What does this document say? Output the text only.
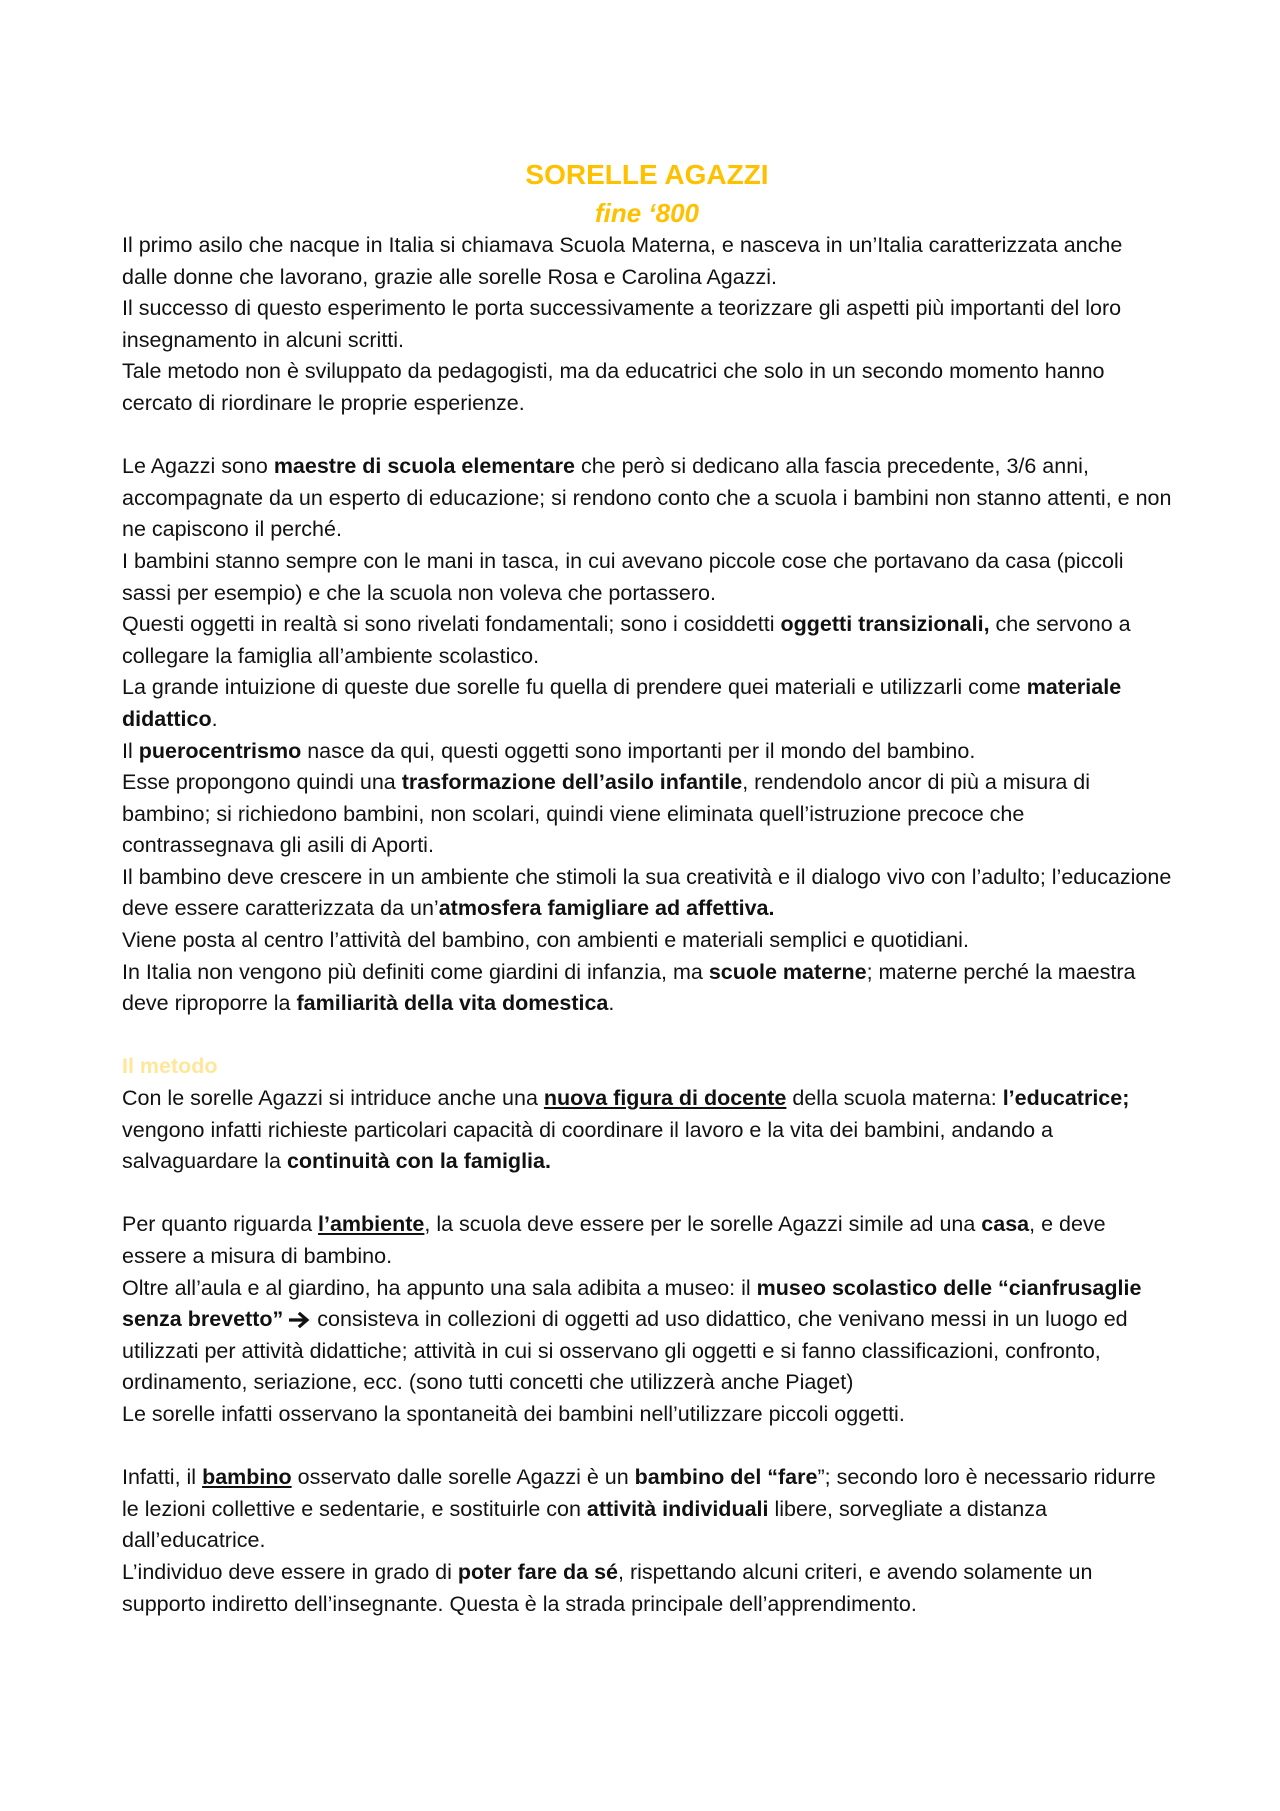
SORELLE AGAZZI
fine ‘800

Il primo asilo che nacque in Italia si chiamava Scuola Materna, e nasceva in un’Italia caratterizzata anche dalle donne che lavorano, grazie alle sorelle Rosa e Carolina Agazzi.

Il successo di questo esperimento le porta successivamente a teorizzare gli aspetti più importanti del loro insegnamento in alcuni scritti.

Tale metodo non è sviluppato da pedagogisti, ma da educatrici che solo in un secondo momento hanno cercato di riordinare le proprie esperienze.

Le Agazzi sono maestre di scuola elementare che però si dedicano alla fascia precedente, 3/6 anni, accompagnate da un esperto di educazione; si rendono conto che a scuola i bambini non stanno attenti, e non ne capiscono il perché.

I bambini stanno sempre con le mani in tasca, in cui avevano piccole cose che portavano da casa (piccoli sassi per esempio) e che la scuola non voleva che portassero.

Questi oggetti in realtà si sono rivelati fondamentali; sono i cosiddetti oggetti transizionali, che servono a collegare la famiglia all’ambiente scolastico.

La grande intuizione di queste due sorelle fu quella di prendere quei materiali e utilizzarli come materiale didattico.

Il puerocentrismo nasce da qui, questi oggetti sono importanti per il mondo del bambino.

Esse propongono quindi una trasformazione dell’asilo infantile, rendendolo ancor di più a misura di bambino; si richiedono bambini, non scolari, quindi viene eliminata quell’istruzione precoce che contrassegnava gli asili di Aporti.

Il bambino deve crescere in un ambiente che stimoli la sua creatività e il dialogo vivo con l’adulto; l’educazione deve essere caratterizzata da un’atmosfera famigliare ad affettiva.

Viene posta al centro l’attività del bambino, con ambienti e materiali semplici e quotidiani.

In Italia non vengono più definiti come giardini di infanzia, ma scuole materne; materne perché la maestra deve riproporre la familiarità della vita domestica.

Il metodo

Con le sorelle Agazzi si intriduce anche una nuova figura di docente della scuola materna: l’educatrice; vengono infatti richieste particolari capacità di coordinare il lavoro e la vita dei bambini, andando a salvaguardare la continuità con la famiglia.

Per quanto riguarda l’ambiente, la scuola deve essere per le sorelle Agazzi simile ad una casa, e deve essere a misura di bambino.

Oltre all’aula e al giardino, ha appunto una sala adibita a museo: il museo scolastico delle “cianfrusaglie senza brevetto”  consisteva in collezioni di oggetti ad uso didattico, che venivano messi in un luogo ed utilizzati per attività didattiche; attività in cui si osservano gli oggetti e si fanno classificazioni, confronto, ordinamento, seriazione, ecc. (sono tutti concetti che utilizzerà anche Piaget)

Le sorelle infatti osservano la spontaneità dei bambini nell’utilizzare piccoli oggetti.

Infatti, il bambino osservato dalle sorelle Agazzi è un bambino del “fare”; secondo loro è necessario ridurre le lezioni collettive e sedentarie, e sostituirle con attività individuali libere, sorvegliate a distanza dall’educatrice.

L’individuo deve essere in grado di poter fare da sé, rispettando alcuni criteri, e avendo solamente un supporto indiretto dell’insegnante. Questa è la strada principale dell’apprendimento.
